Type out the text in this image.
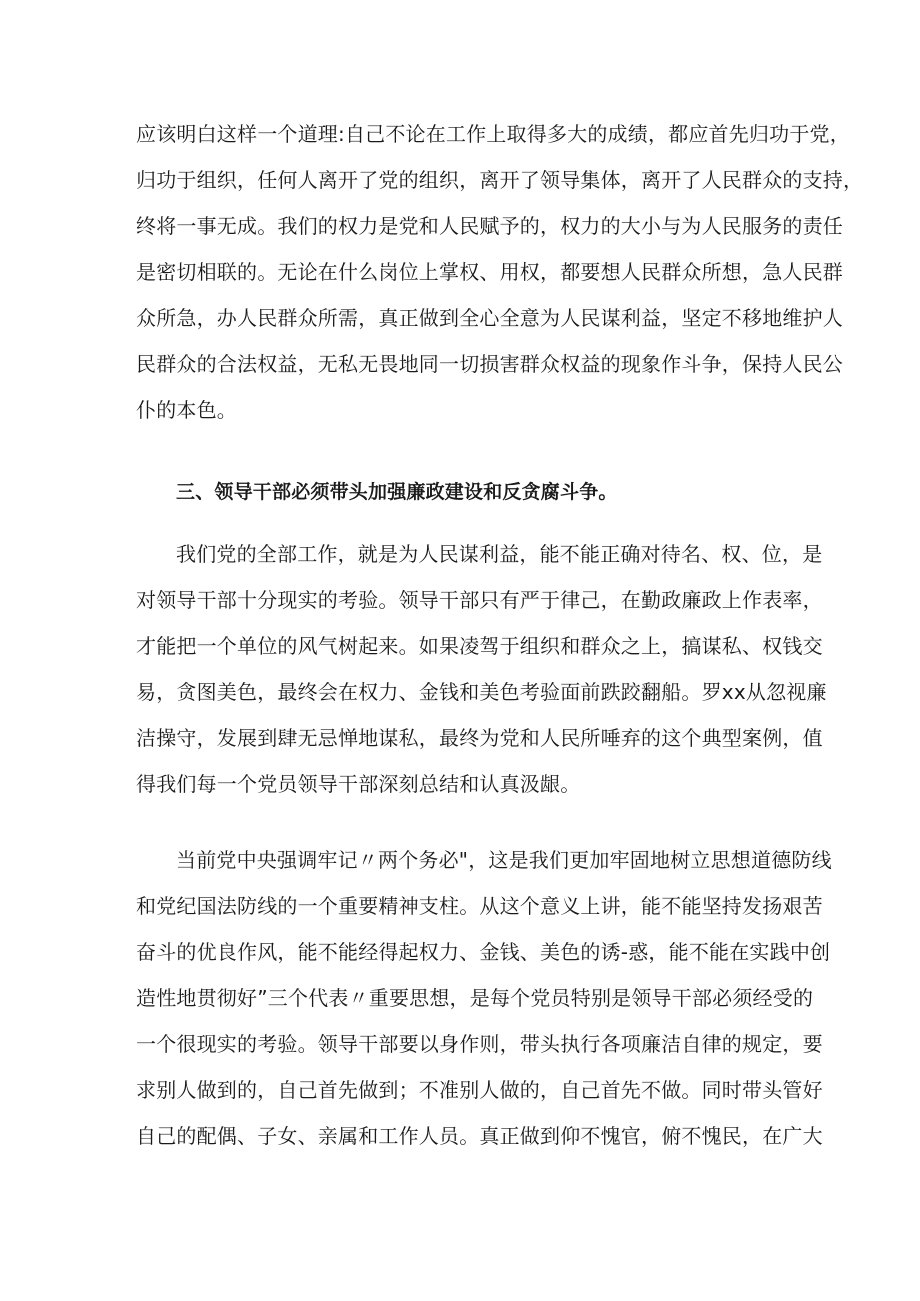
应该明白这样一个道理:自己不论在工作上取得多大的成绩，都应首先归功于党，
归功于组织，任何人离开了党的组织，离开了领导集体，离开了人民群众的支持，
终将一事无成。我们的权力是党和人民赋予的，权力的大小与为人民服务的责任
是密切相联的。无论在什么岗位上掌权、用权，都要想人民群众所想，急人民群
众所急，办人民群众所需，真正做到全心全意为人民谋利益，坚定不移地维护人
民群众的合法权益，无私无畏地同一切损害群众权益的现象作斗争，保持人民公
仆的本色。
三、领导干部必须带头加强廉政建设和反贪腐斗争。
我们党的全部工作，就是为人民谋利益，能不能正确对待名、权、位，是
对领导干部十分现实的考验。领导干部只有严于律己，在勤政廉政上作表率，
才能把一个单位的风气树起来。如果凌驾于组织和群众之上，搞谋私、权钱交
易，贪图美色，最终会在权力、金钱和美色考验面前跌跤翻船。罗xx从忽视廉
洁操守，发展到肆无忌惮地谋私，最终为党和人民所唾弃的这个典型案例，值
得我们每一个党员领导干部深刻总结和认真汲龈。
当前党中央强调牢记〃两个务必"，这是我们更加牢固地树立思想道德防线
和党纪国法防线的一个重要精神支柱。从这个意义上讲，能不能坚持发扬艰苦
奋斗的优良作风，能不能经得起权力、金钱、美色的诱-惑，能不能在实践中创
造性地贯彻好”三个代表〃重要思想，是每个党员特别是领导干部必须经受的
一个很现实的考验。领导干部要以身作则，带头执行各项廉洁自律的规定，要
求别人做到的，自己首先做到；不准别人做的，自己首先不做。同时带头管好
自己的配偶、子女、亲属和工作人员。真正做到仰不愧官，俯不愧民，在广大
